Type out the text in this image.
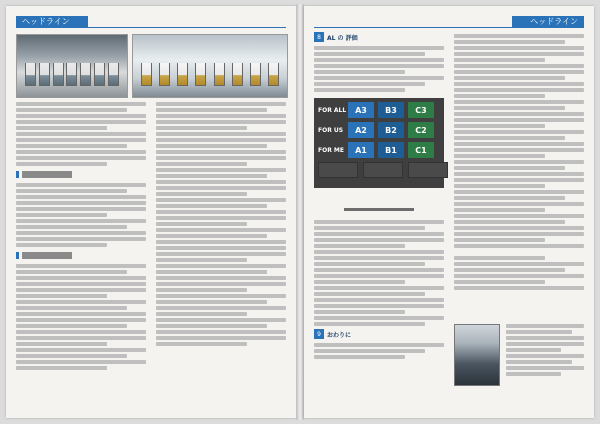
ヘッドライン	ヘッドライン
8	AL の 評価
FOR ALL	A3	B3	C3
FOR US	A2	B2	C2
FOR ME	A1	B1	C1
9	おわりに
